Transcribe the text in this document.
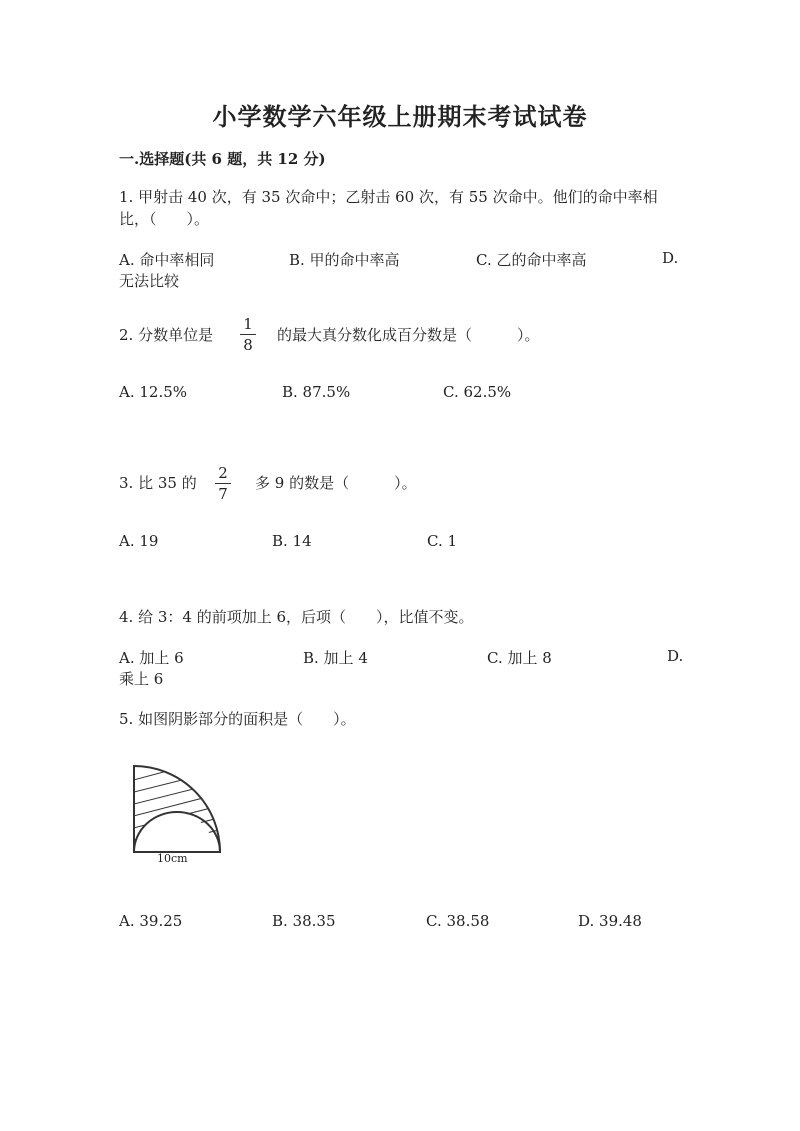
小学数学六年级上册期末考试试卷
一.选择题(共 6 题，共 12 分)
1. 甲射击 40 次，有 35 次命中；乙射击 60 次，有 55 次命中。他们的命中率相
比，（　　）。
A. 命中率相同	B. 甲的命中率高	C. 乙的命中率高	D.
无法比较
2. 分数单位是
1
8
的最大真分数化成百分数是（　　　）。
A. 12.5%	B. 87.5%	C. 62.5%
3. 比 35 的
2
7
多 9 的数是（　　　）。
A. 19	B. 14	C. 1
4. 给 3：4 的前项加上 6，后项（　　），比值不变。
A. 加上 6	B. 加上 4	C. 加上 8	D.
乘上 6
5. 如图阴影部分的面积是（　　）。
10cm
A. 39.25	B. 38.35	C. 38.58	D. 39.48
